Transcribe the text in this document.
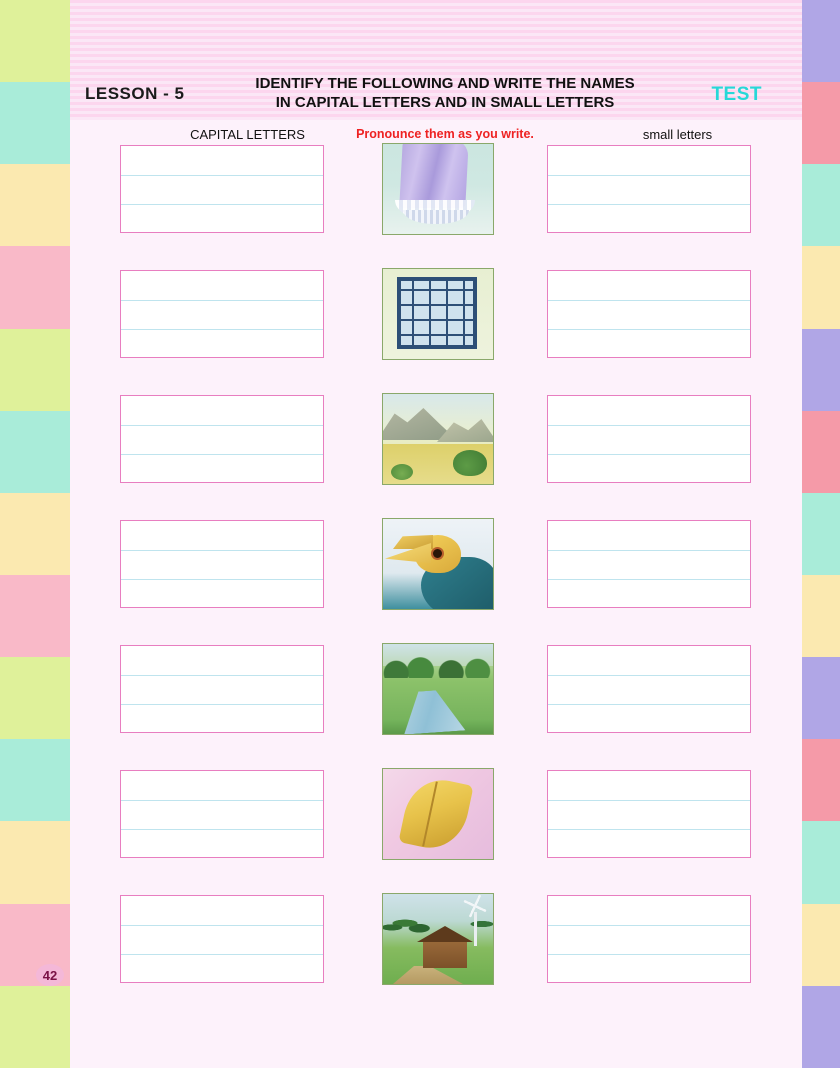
LESSON - 5
IDENTIFY THE FOLLOWING AND WRITE THE NAMES
IN CAPITAL LETTERS AND IN SMALL LETTERS	TEST
CAPITAL LETTERS	Pronounce them as you write.	small letters
42
